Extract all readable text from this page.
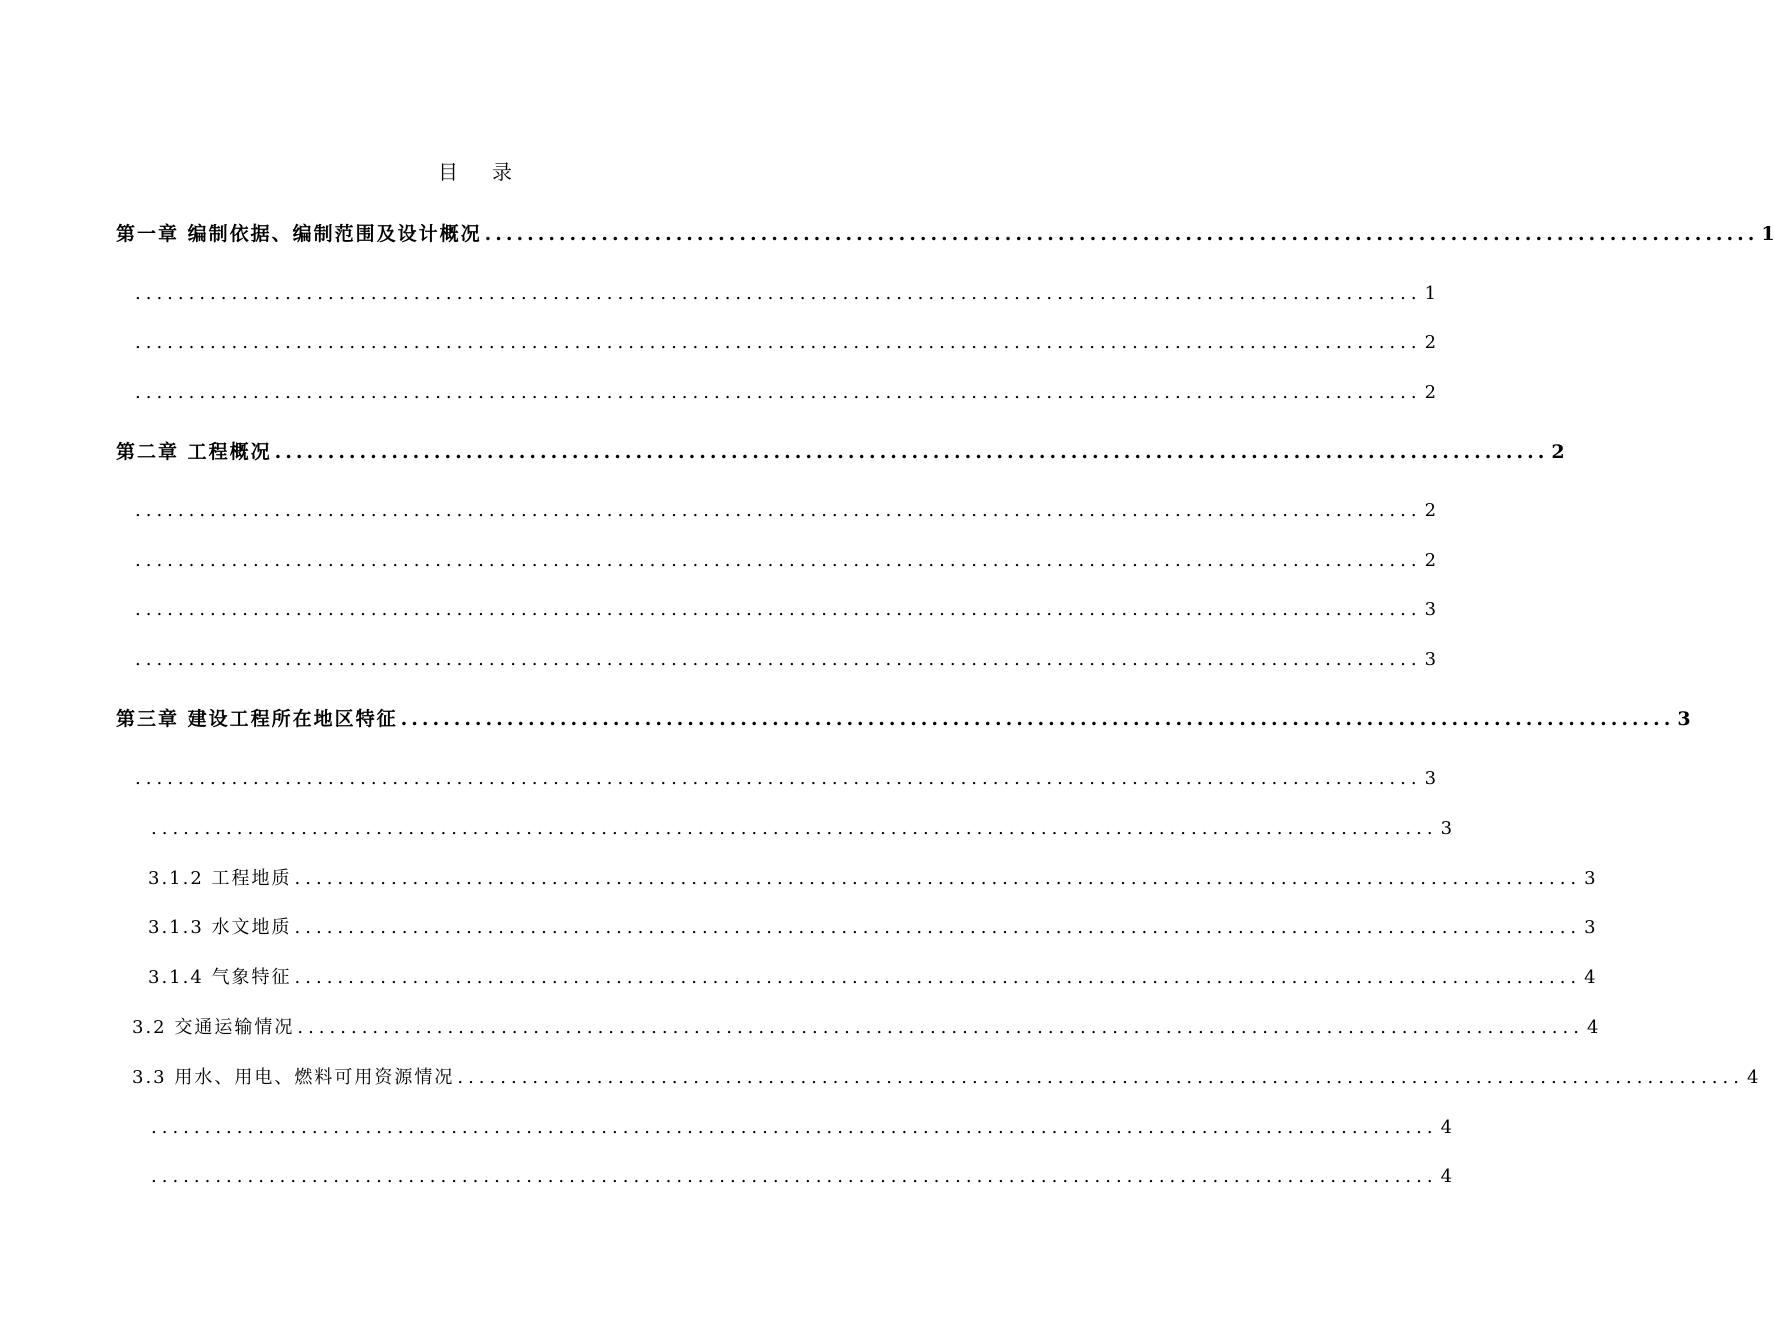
目录
第一章 编制依据、编制范围及设计概况 ........................................................................................................................ 1
........................................................................................................................ 1
........................................................................................................................ 2
........................................................................................................................ 2
第二章 工程概况 ........................................................................................................................ 2
........................................................................................................................ 2
........................................................................................................................ 2
........................................................................................................................ 3
........................................................................................................................ 3
第三章 建设工程所在地区特征 ........................................................................................................................ 3
........................................................................................................................ 3
........................................................................................................................ 3
3.1.2 工程地质 ........................................................................................................................ 3
3.1.3 水文地质 ........................................................................................................................ 3
3.1.4 气象特征 ........................................................................................................................ 4
3.2 交通运输情况 ........................................................................................................................ 4
3.3 用水、用电、燃料可用资源情况 ........................................................................................................................ 4
........................................................................................................................ 4
........................................................................................................................ 4
